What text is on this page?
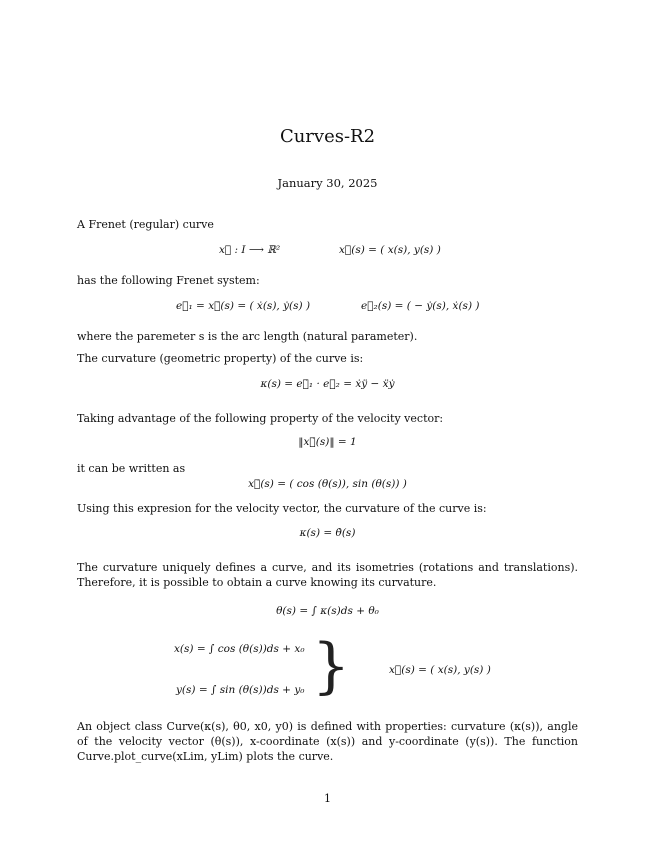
Curves-R2
January 30, 2025
A Frenet (regular) curve
x⃗ : I ⟶ ℝ²	x⃗(s) = ( x(s), y(s) )
has the following Frenet system:
e⃗₁ = x⃗̇(s) = ( ẋ(s), ẏ(s) )	e⃗₂(s) = ( − ẏ(s), ẋ(s) )
where the paremeter s is the arc length (natural parameter).
The curvature (geometric property) of the curve is:
κ(s) = e⃗̇₁ · e⃗₂ = ẋÿ − ẍẏ
Taking advantage of the following property of the velocity vector:
‖x⃗̇(s)‖ = 1
it can be written as
x⃗̇(s) = ( cos (θ(s)), sin (θ(s)) )
Using this expresion for the velocity vector, the curvature of the curve is:
κ(s) = θ̇(s)
The curvature uniquely defines a curve, and its isometries (rotations and translations). Therefore, it is possible to obtain a curve knowing its curvature.
θ(s) = ∫ κ(s)ds + θ₀
x(s) = ∫ cos (θ(s))ds + x₀
y(s) = ∫ sin (θ(s))ds + y₀ }	x⃗(s) = ( x(s), y(s) )
An object class Curve(κ(s), θ0, x0, y0) is defined with properties: curvature (κ(s)), angle of the velocity vector (θ(s)), x-coordinate (x(s)) and y-coordinate (y(s)). The function Curve.plot_curve(xLim, yLim) plots the curve.
1
